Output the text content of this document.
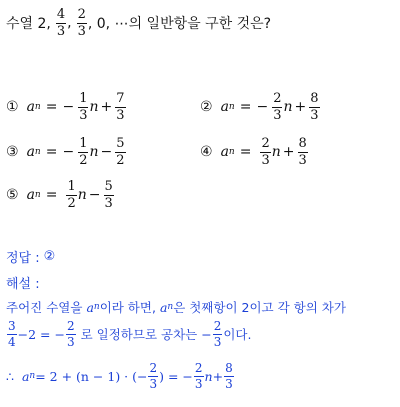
수열 2, $\frac{4}{3}$ , $\frac{2}{3}$ , 0, ⋯의 일반항을 구한 것은?
① a n = − $\frac{1}{3}$ $n + \frac{7}{3}$	② a n = − $\frac{2}{3}$ $n + \frac{8}{3}$
③ a n = − $\frac{1}{2}$ $n - \frac{5}{2}$	④ a $n = \frac{2}{3}$ $n + \frac{8}{3}$
⑤ a $n = \frac{1}{2}$ $n - \frac{5}{3}$
정답 : ②
해설 :
주어진 수열을 a n 이라 하면, a n 은 첫째항이 2이고 각 항의 차가
$\frac{3}{4} -2$ = − $\frac{2}{3}$ 로 일정하므로 공차는 − $\frac{2}{3}$ 이다.
∴ a n = 2 + (n − 1) · (− $\frac{2}{3}$ ) = − $\frac{2}{3}$ $n + \frac{8}{3}$
